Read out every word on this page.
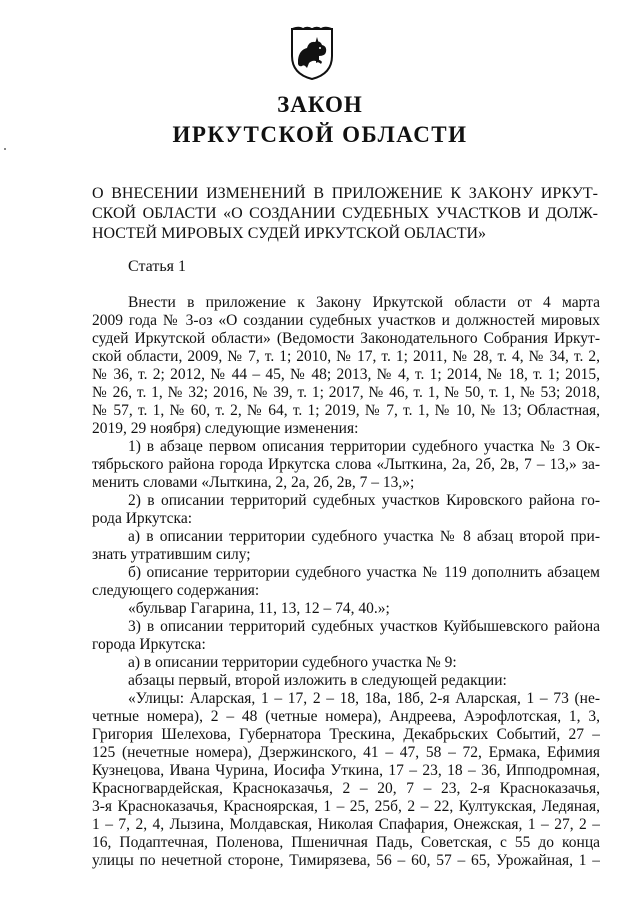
ЗАКОН
ИРКУТСКОЙ ОБЛАСТИ
О ВНЕСЕНИИ ИЗМЕНЕНИЙ В ПРИЛОЖЕНИЕ К ЗАКОНУ ИРКУТ-
СКОЙ ОБЛАСТИ «О СОЗДАНИИ СУДЕБНЫХ УЧАСТКОВ И ДОЛЖ-
НОСТЕЙ МИРОВЫХ СУДЕЙ ИРКУТСКОЙ ОБЛАСТИ»
Статья 1
Внести в приложение к Закону Иркутской области от 4 марта
2009 года № 3-оз «О создании судебных участков и должностей мировых
судей Иркутской области» (Ведомости Законодательного Собрания Иркут-
ской области, 2009, № 7, т. 1; 2010, № 17, т. 1; 2011, № 28, т. 4, № 34, т. 2,
№ 36, т. 2; 2012, № 44 – 45, № 48; 2013, № 4, т. 1; 2014, № 18, т. 1; 2015,
№ 26, т. 1, № 32; 2016, № 39, т. 1; 2017, № 46, т. 1, № 50, т. 1, № 53; 2018,
№ 57, т. 1, № 60, т. 2, № 64, т. 1; 2019, № 7, т. 1, № 10, № 13; Областная,
2019, 29 ноября) следующие изменения:
1) в абзаце первом описания территории судебного участка № 3 Ок-
тябрьского района города Иркутска слова «Лыткина, 2а, 2б, 2в, 7 – 13,» за-
менить словами «Лыткина, 2, 2а, 2б, 2в, 7 – 13,»;
2) в описании территорий судебных участков Кировского района го-
рода Иркутска:
а) в описании территории судебного участка № 8 абзац второй при-
знать утратившим силу;
б) описание территории судебного участка № 119 дополнить абзацем
следующего содержания:
«бульвар Гагарина, 11, 13, 12 – 74, 40.»;
3) в описании территорий судебных участков Куйбышевского района
города Иркутска:
а) в описании территории судебного участка № 9:
абзацы первый, второй изложить в следующей редакции:
«Улицы: Аларская, 1 – 17, 2 – 18, 18а, 18б, 2-я Аларская, 1 – 73 (не-
четные номера), 2 – 48 (четные номера), Андреева, Аэрофлотская, 1, 3,
Григория Шелехова, Губернатора Трескина, Декабрьских Событий, 27 –
125 (нечетные номера), Дзержинского, 41 – 47, 58 – 72, Ермака, Ефимия
Кузнецова, Ивана Чурина, Иосифа Уткина, 17 – 23, 18 – 36, Ипподромная,
Красногвардейская, Красноказачья, 2 – 20, 7 – 23, 2-я Красноказачья,
3-я Красноказачья, Красноярская, 1 – 25, 25б, 2 – 22, Култукская, Ледяная,
1 – 7, 2, 4, Лызина, Молдавская, Николая Спафария, Онежская, 1 – 27, 2 –
16, Подаптечная, Поленова, Пшеничная Падь, Советская, с 55 до конца
улицы по нечетной стороне, Тимирязева, 56 – 60, 57 – 65, Урожайная, 1 –
